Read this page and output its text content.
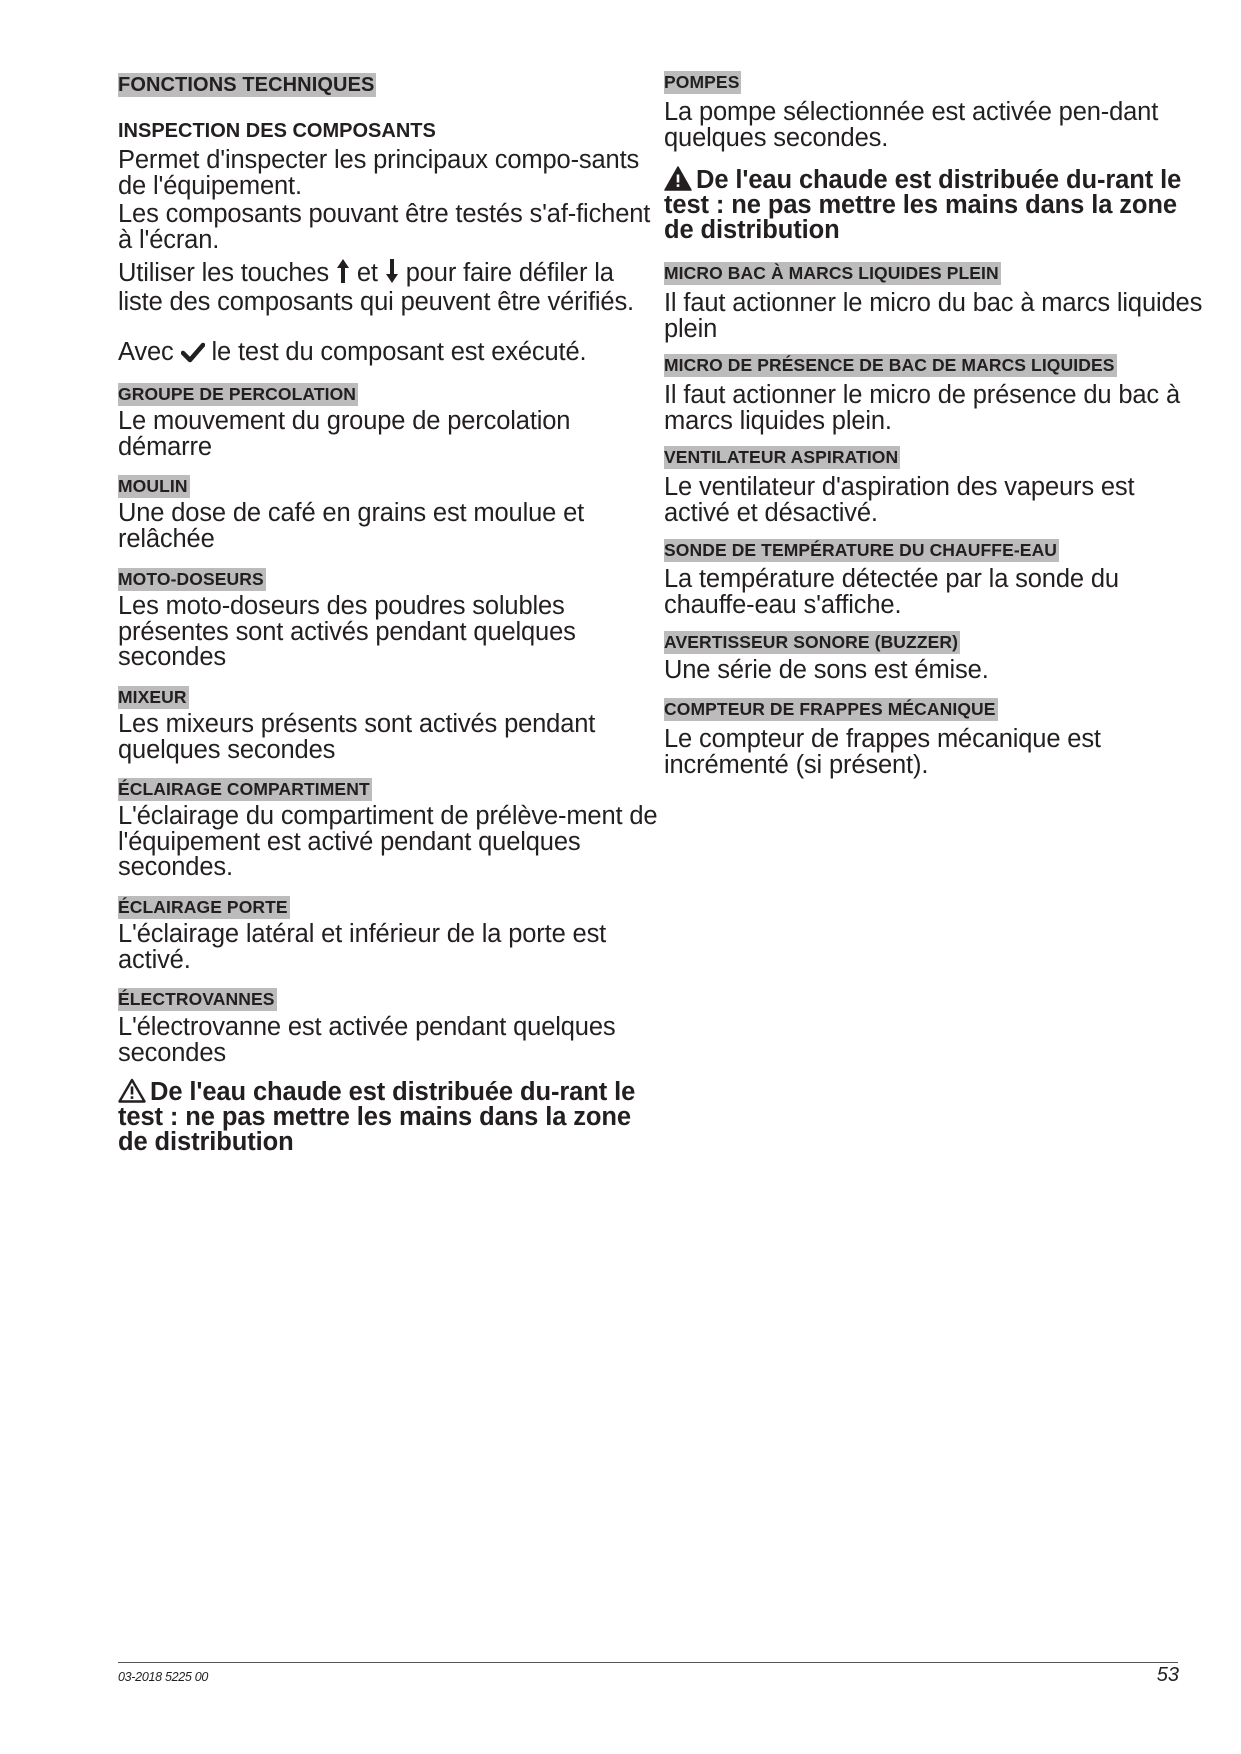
FONCTIONS TECHNIQUES
INSPECTION DES COMPOSANTS

Permet d'inspecter les principaux compo-sants de l'équipement.

Les composants pouvant être testés s'af-fichent à l'écran.

Utiliser les touches et pour faire défiler la liste des composants qui peuvent être vérifiés.

Avec le test du composant est exécuté.

GROUPE DE PERCOLATION

Le mouvement du groupe de percolation démarre

MOULIN

Une dose de café en grains est moulue et relâchée

MOTO-DOSEURS

Les moto-doseurs des poudres solubles présentes sont activés pendant quelques secondes

MIXEUR

Les mixeurs présents sont activés pendant quelques secondes

ÉCLAIRAGE COMPARTIMENT

L'éclairage du compartiment de prélève-ment de l'équipement est activé pendant quelques secondes.

ÉCLAIRAGE PORTE

L'éclairage latéral et inférieur de la porte est activé.

ÉLECTROVANNES

L'électrovanne est activée pendant quelques secondes

De l'eau chaude est distribuée du-rant le test : ne pas mettre les mains dans la zone de distribution

POMPES

La pompe sélectionnée est activée pen-dant quelques secondes.

De l'eau chaude est distribuée du-rant le test : ne pas mettre les mains dans la zone de distribution

MICRO BAC À MARCS LIQUIDES PLEIN

Il faut actionner le micro du bac à marcs liquides plein

MICRO DE PRÉSENCE DE BAC DE MARCS LIQUIDES

Il faut actionner le micro de présence du bac à marcs liquides plein.

VENTILATEUR ASPIRATION

Le ventilateur d'aspiration des vapeurs est activé et désactivé.

SONDE DE TEMPÉRATURE DU CHAUFFE-EAU

La température détectée par la sonde du chauffe-eau s'affiche.

AVERTISSEUR SONORE (BUZZER)

Une série de sons est émise.

COMPTEUR DE FRAPPES MÉCANIQUE

Le compteur de frappes mécanique est incrémenté (si présent).

03-2018 5225 00	53
